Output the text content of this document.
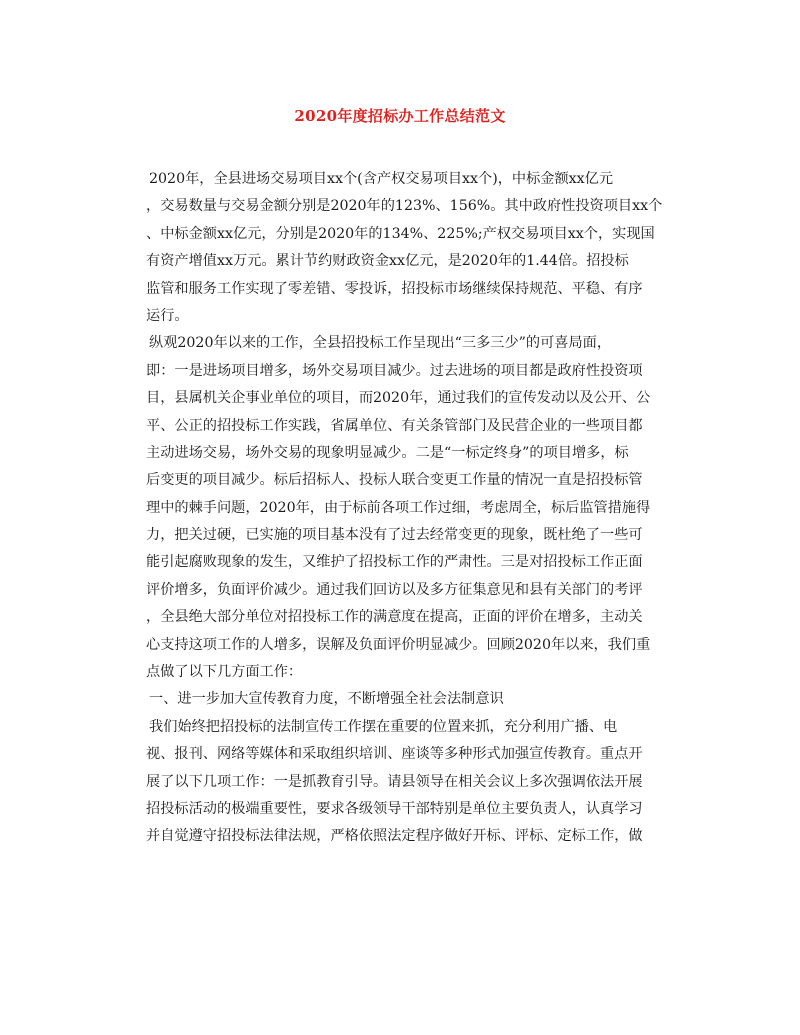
2020年度招标办工作总结范文
2020年，全县进场交易项目xx个(含产权交易项目xx个)，中标金额xx亿元
，交易数量与交易金额分别是2020年的123%、156%。其中政府性投资项目xx个
、中标金额xx亿元，分别是2020年的134%、225%;产权交易项目xx个，实现国
有资产增值xx万元。累计节约财政资金xx亿元，是2020年的1.44倍。招投标
监管和服务工作实现了零差错、零投诉，招投标市场继续保持规范、平稳、有序
运行。
纵观2020年以来的工作，全县招投标工作呈现出“三多三少”的可喜局面，
即：一是进场项目增多，场外交易项目减少。过去进场的项目都是政府性投资项
目，县属机关企事业单位的项目，而2020年，通过我们的宣传发动以及公开、公
平、公正的招投标工作实践，省属单位、有关条管部门及民营企业的一些项目都
主动进场交易，场外交易的现象明显减少。二是“一标定终身”的项目增多，标
后变更的项目减少。标后招标人、投标人联合变更工作量的情况一直是招投标管
理中的棘手问题，2020年，由于标前各项工作过细，考虑周全，标后监管措施得
力，把关过硬，已实施的项目基本没有了过去经常变更的现象，既杜绝了一些可
能引起腐败现象的发生，又维护了招投标工作的严肃性。三是对招投标工作正面
评价增多，负面评价减少。通过我们回访以及多方征集意见和县有关部门的考评
，全县绝大部分单位对招投标工作的满意度在提高，正面的评价在增多，主动关
心支持这项工作的人增多，误解及负面评价明显减少。回顾2020年以来，我们重
点做了以下几方面工作：
一、进一步加大宣传教育力度，不断增强全社会法制意识
我们始终把招投标的法制宣传工作摆在重要的位置来抓，充分利用广播、电
视、报刊、网络等媒体和采取组织培训、座谈等多种形式加强宣传教育。重点开
展了以下几项工作：一是抓教育引导。请县领导在相关会议上多次强调依法开展
招投标活动的极端重要性，要求各级领导干部特别是单位主要负责人，认真学习
并自觉遵守招投标法律法规，严格依照法定程序做好开标、评标、定标工作，做
